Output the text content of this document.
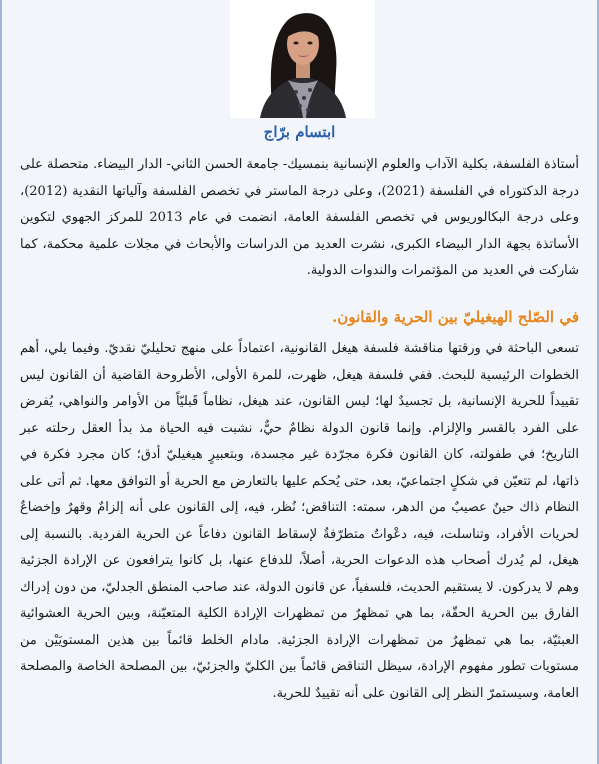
ابتسام برّاج

أستاذة الفلسفة، بكلية الآداب والعلوم الإنسانية بنمسيك- جامعة الحسن الثاني- الدار البيضاء. متحصلة على درجة الدكتوراه في الفلسفة (2021)، وعلى درجة الماستر في تخصص الفلسفة وآلياتها النقدية (2012)، وعلى درجة البكالوريوس في تخصص الفلسفة العامة، انضمت في عام 2013 للمركز الجهوي لتكوين الأساتذة بجهة الدار البيضاء الكبرى، نشرت العديد من الدراسات والأبحاث في مجلات علمية محكمة، كما شاركت في العديد من المؤتمرات والندوات الدولية.

في الصّلح الهيغيليّ بين الحرية والقانون.

تسعى الباحثة في ورقتها مناقشة فلسفة هيغل القانونية، اعتماداً على منهج تحليليّ نقديّ. وفيما يلي، أهم الخطوات الرئيسية للبحث. ففي فلسفة هيغل، ظهرت، للمرة الأولى، الأطروحة القاضية أن القانون ليس تقييداً للحرية الإنسانية، بل تجسيدٌ لها؛ ليس القانون، عند هيغل، نظاماً قَبليّاً من الأوامر والنواهي، يُفرض على الفرد بالقسر والإلزام. وإنما قانون الدولة نظامٌ حيٌّ، نشبت فيه الحياة مذ بدأ العقل رحلته عبر التاريخ؛ في طفولته، كان القانون فكرة مجرّدة غير مجسدة، وبتعبيرٍ هيغيليّ أدق؛ كان مجرد فكرة في ذاتها، لم تتعيّن في شكلٍ اجتماعيّ، بعد، حتى يُحكم عليها بالتعارض مع الحرية أو التوافق معها. ثم أتى على النظام ذاك حينٌ عصيبٌ من الدهر، سمته: التناقض؛ نُظر، فيه، إلى القانون على أنه إلزامٌ وقهرٌ وإخضاعٌ لحريات الأفراد، وتناسلت، فيه، دعْواتٌ متطرّفةٌ لإسقاط القانون دفاعاً عن الحرية الفردية. بالنسبة إلى هيغل، لم يُدرك أصحاب هذه الدعوات الحرية، أصلاً، للدفاع عنها، بل كانوا يترافعون عن الإرادة الجزئية وهم لا يدركون. لا يستقيم الحديث، فلسفياً، عن قانون الدولة، عند صاحب المنطق الجدليّ، من دون إدراك الفارق بين الحرية الحقّة، بما هي تمظهرٌ من تمظهرات الإرادة الكلية المتعيّنة، وبين الحرية العشوائية العبثيّة، بما هي تمظهرٌ من تمظهرات الإرادة الجزئية. مادام الخلط قائماً بين هذين المستويَيْن من مستويات تطور مفهوم الإرادة، سيظل التناقض قائماً بين الكليّ والجزئيّ، بين المصلحة الخاصة والمصلحة العامة، وسيستمرّ النظر إلى القانون على أنه تقييدٌ للحرية.
